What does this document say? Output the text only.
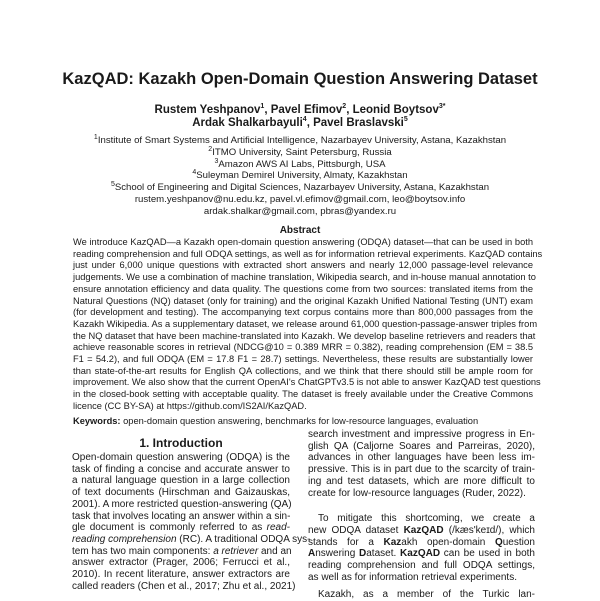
KazQAD: Kazakh Open-Domain Question Answering Dataset
Rustem Yeshpanov$^1$, Pavel Efimov$^2$, Leonid Boytsov$^{3*}$
Ardak Shalkarbayuli$^4$, Pavel Braslavski$^5$
$^1$Institute of Smart Systems and Artificial Intelligence, Nazarbayev University, Astana, Kazakhstan
$^2$ITMO University, Saint Petersburg, Russia
$^3$Amazon AWS AI Labs, Pittsburgh, USA
$^4$Suleyman Demirel University, Almaty, Kazakhstan
$^5$School of Engineering and Digital Sciences, Nazarbayev University, Astana, Kazakhstan
rustem.yeshpanov@nu.edu.kz, pavel.vl.efimov@gmail.com, leo@boytsov.info
ardak.shalkar@gmail.com, pbras@yandex.ru
Abstract
We introduce KazQAD—a Kazakh open-domain question answering (ODQA) dataset—that can be used in both
reading comprehension and full ODQA settings, as well as for information retrieval experiments. KazQAD contains
just under 6,000 unique questions with extracted short answers and nearly 12,000 passage-level relevance
judgements. We use a combination of machine translation, Wikipedia search, and in-house manual annotation to
ensure annotation efficiency and data quality. The questions come from two sources: translated items from the
Natural Questions (NQ) dataset (only for training) and the original Kazakh Unified National Testing (UNT) exam
(for development and testing). The accompanying text corpus contains more than 800,000 passages from the
Kazakh Wikipedia. As a supplementary dataset, we release around 61,000 question-passage-answer triples from
the NQ dataset that have been machine-translated into Kazakh. We develop baseline retrievers and readers that
achieve reasonable scores in retrieval (NDCG@10 = 0.389 MRR = 0.382), reading comprehension (EM = 38.5
F1 = 54.2), and full ODQA (EM = 17.8 F1 = 28.7) settings. Nevertheless, these results are substantially lower
than state-of-the-art results for English QA collections, and we think that there should still be ample room for
improvement. We also show that the current OpenAI's ChatGPTv3.5 is not able to answer KazQAD test questions
in the closed-book setting with acceptable quality. The dataset is freely available under the Creative Commons
licence (CC BY-SA) at https://github.com/IS2AI/KazQAD.
Keywords: open-domain question answering, benchmarks for low-resource languages, evaluation
1. Introduction
Open-domain question answering (ODQA) is the
task of finding a concise and accurate answer to
a natural language question in a large collection
of text documents (Hirschman and Gaizauskas,
2001). A more restricted question-answering (QA)
task that involves locating an answer within a sin-
gle document is commonly referred to as read-
reading comprehension (RC). A traditional ODQA sys-
tem has two main components: a retriever and an
answer extractor (Prager, 2006; Ferrucci et al.,
2010). In recent literature, answer extractors are
called readers (Chen et al., 2017; Zhu et al., 2021)
search investment and impressive progress in En-
glish QA (Caljorne Soares and Parreiras, 2020),
advances in other languages have been less im-
pressive. This is in part due to the scarcity of train-
ing and test datasets, which are more difficult to
create for low-resource languages (Ruder, 2022).
To mitigate this shortcoming, we create a
new ODQA dataset KazQAD (/kæs'keɪd/), which
stands for a Kazakh open-domain Question
Answering Dataset. KazQAD can be used in both
reading comprehension and full ODQA settings,
as well as for information retrieval experiments.
Kazakh, as a member of the Turkic lan-
